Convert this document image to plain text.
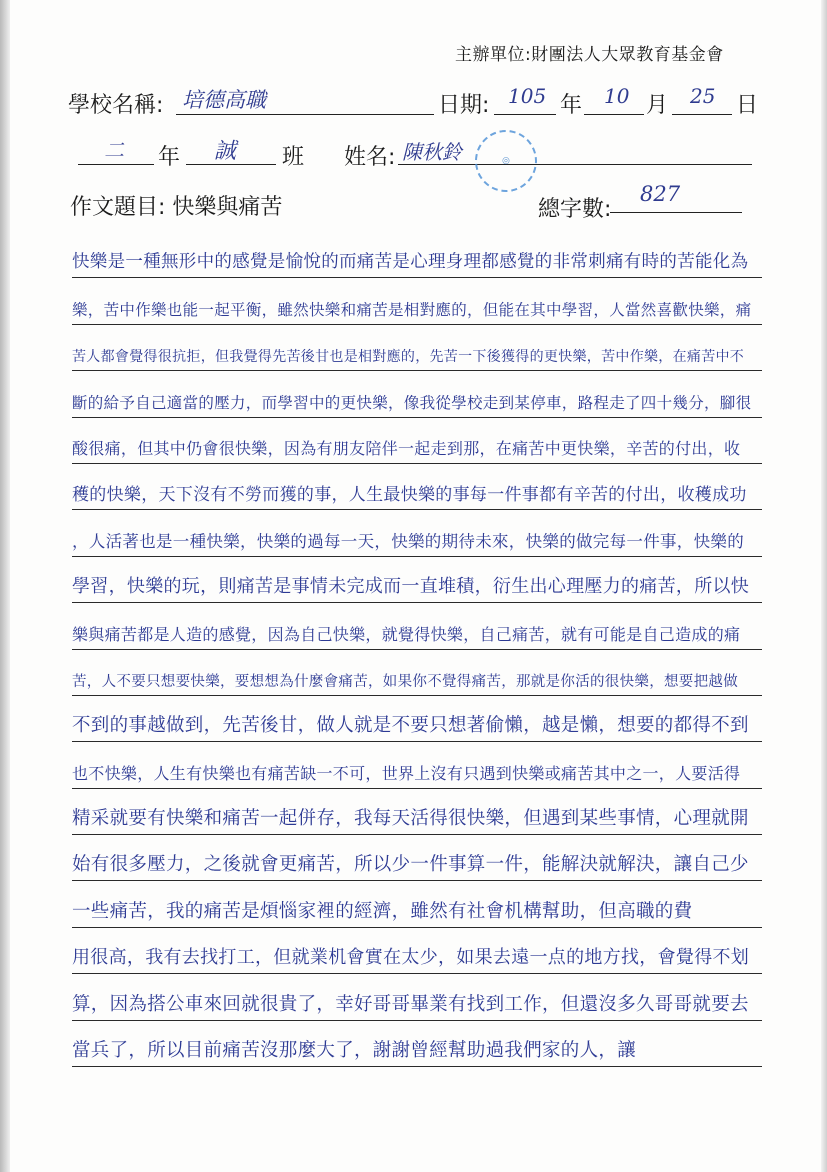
主辦單位:財團法人大眾教育基金會
學校名稱: 培德高職	日期: 105 年 10 月 25 日
二 年 誠 班 姓名: 陳秋鈴	◎
作文題目: 快樂與痛苦	總字數:
827
快樂是一種無形中的感覺是愉悅的而痛苦是心理身理都感覺的非常刺痛有時的苦能化為
樂，苦中作樂也能一起平衡，雖然快樂和痛苦是相對應的，但能在其中學習，人當然喜歡快樂，痛
苦人都會覺得很抗拒，但我覺得先苦後甘也是相對應的，先苦一下後獲得的更快樂，苦中作樂，在痛苦中不
斷的給予自己適當的壓力，而學習中的更快樂，像我從學校走到某停車，路程走了四十幾分，腳很
酸很痛，但其中仍會很快樂，因為有朋友陪伴一起走到那，在痛苦中更快樂，辛苦的付出，收
穫的快樂，天下沒有不勞而獲的事，人生最快樂的事每一件事都有辛苦的付出，收穫成功
，人活著也是一種快樂，快樂的過每一天，快樂的期待未來，快樂的做完每一件事，快樂的
學習，快樂的玩，則痛苦是事情未完成而一直堆積，衍生出心理壓力的痛苦，所以快
樂與痛苦都是人造的感覺，因為自己快樂，就覺得快樂，自己痛苦，就有可能是自己造成的痛
苦，人不要只想要快樂，要想想為什麼會痛苦，如果你不覺得痛苦，那就是你活的很快樂，想要把越做
不到的事越做到，先苦後甘，做人就是不要只想著偷懶，越是懶，想要的都得不到
也不快樂，人生有快樂也有痛苦缺一不可，世界上沒有只遇到快樂或痛苦其中之一，人要活得
精采就要有快樂和痛苦一起併存，我每天活得很快樂，但遇到某些事情，心理就開
始有很多壓力，之後就會更痛苦，所以少一件事算一件，能解決就解決，讓自己少
一些痛苦，我的痛苦是煩惱家裡的經濟，雖然有社會机構幫助，但高職的費
用很高，我有去找打工，但就業机會實在太少，如果去遠一点的地方找，會覺得不划
算，因為搭公車來回就很貴了，幸好哥哥畢業有找到工作，但還沒多久哥哥就要去
當兵了，所以目前痛苦沒那麼大了，謝謝曾經幫助過我們家的人，讓
